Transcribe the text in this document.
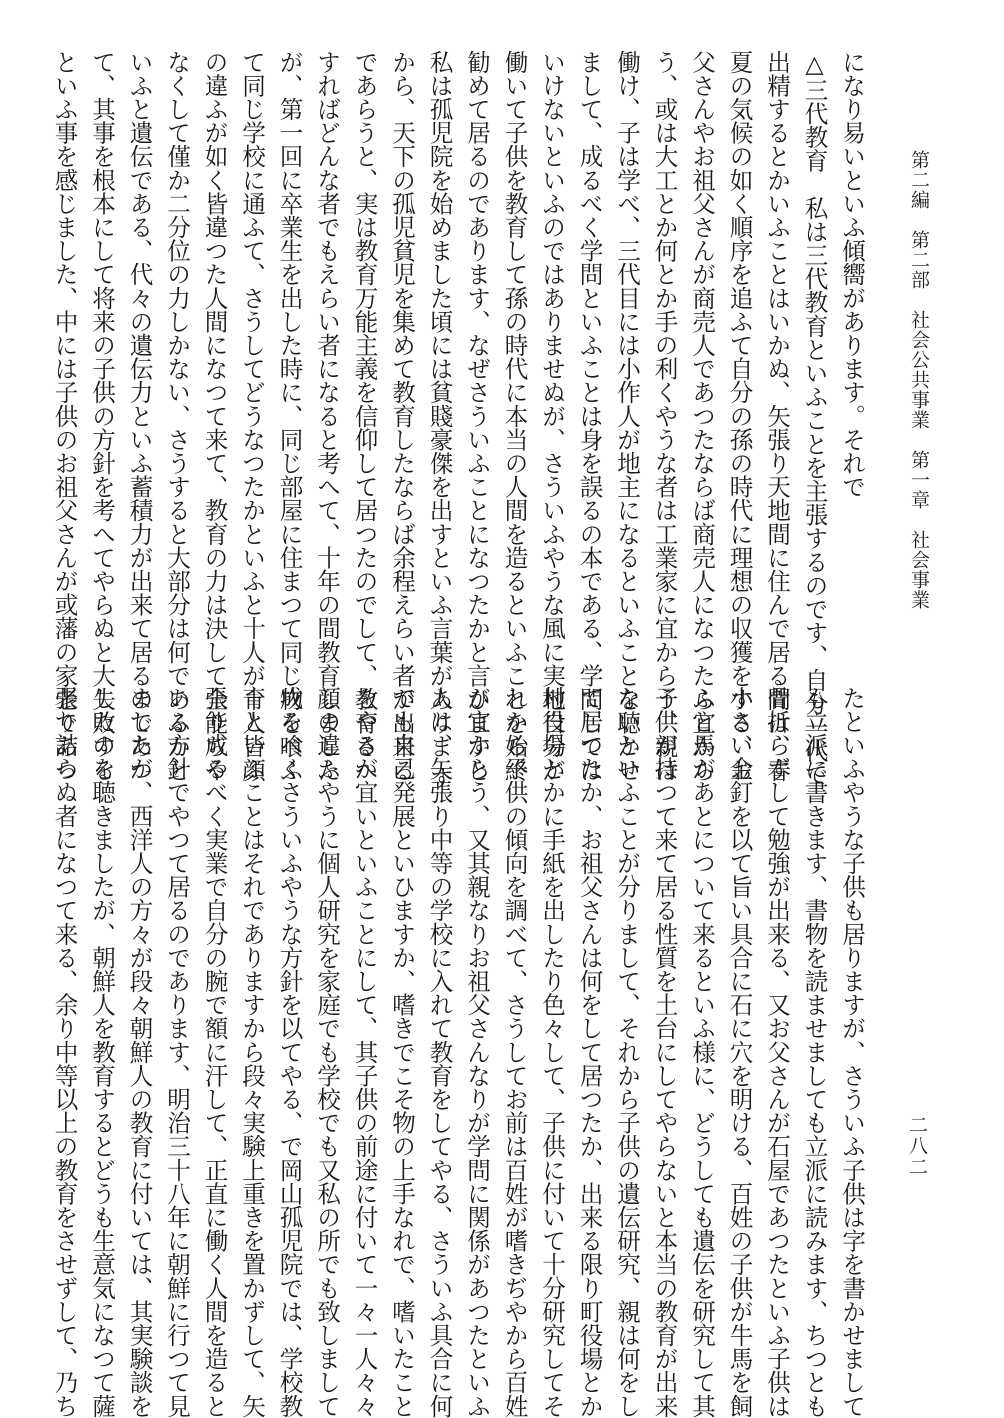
第二編　第二部　社会公共事業　第一章　社会事業
二八二
になり易いといふ傾嚮があります。それで
△三代教育　私は三代教育といふことを主張するのです、自分一代で
出精するとかいふことはいかぬ、矢張り天地間に住んで居る間は、春
夏の気候の如く順序を追ふて自分の孫の時代に理想の収獲をする、お
父さんやお祖父さんが商売人であつたならば商売人になつたら宜から
う、或は大工とか何とか手の利くやうな者は工業家に宜からう、親は
働け、子は学べ、三代目には小作人が地主になるといふことを聴かせ
まして、成るべく学問といふことは身を誤るの本である、学問しては
いけないといふのではありませぬが、さういふやうな風に実地自分が
働いて子供を教育して孫の時代に本当の人間を造るといふことを始終
勧めて居るのであります、なぜさういふことになつたかと言ひますと
私は孤児院を始めました頃には貧賤豪傑を出すといふ言葉がありま す
から、天下の孤児貧児を集めて教育したならば余程えらい者が出来る
であらうと、実は教育万能主義を信仰して居つたのでして、教育さへ
すればどんな者でもえらい者になると考へて、十年の間教育しました
が、第一回に卒業生を出した時に、同じ部屋に住まつて同じ物を喰ふ
て同じ学校に通ふて、さうしてどうなつたかといふと十人が十人皆顔
の違ふが如く皆違つた人間になつて来て、教育の力は決して全能ぢや
なくして僅か二分位の力しかない、さうすると大部分は何であるかと
いふと遺伝である、代々の遺伝力といふ蓄積力が出来て居るのであつ
て、其事を根本にして将来の子供の方針を考へてやらぬと大失敗する
といふ事を感じました、中には子供のお祖父さんが或藩の家老であつ
たといふやうな子供も居りますが、さういふ子供は字を書かせまして
も立派に書きます、書物を読ませましても立派に読みます、ちつとも
骨折らずして勉強が出来る、又お父さんが石屋であつたといふ子供は
小さい金釘を以て旨い具合に石に穴を明ける、百姓の子供が牛馬を飼
ふと馬があとについて来るといふ様に、どうしても遺伝を研究して其
子供が持つて来て居る性質を土台にしてやらないと本当の教育が出来
ないといふことが分りまして、それから子供の遺伝研究、親は何をし
て居つたか、お祖父さんは何をして居つたか、出来る限り町役場とか
村役場とかに手紙を出したり色々して、子供に付いて十分研究してそ
れから子供の傾向を調べて、さうしてお前は百姓が嗜きぢやから百姓
が宜からう、又其親なりお祖父さんなりが学問に関係があつたといふ
人は、矢張り中等の学校に入れて教育をしてやる、さういふ具合に何
でも自己発展といひますか、嗜きでこそ物の上手なれで、嗜いたこと
をやるが宜いといふことにして、其子供の前途に付いて一々一人々々
顔の違ふやうに個人研究を家庭でも学校でも又私の所でも致しまして
成るべくさういふやうな方針を以てやる、で岡山孤児院では、学校教
育といふことはそれでありますから段々実験上重きを置かずして、矢
張り成るべく実業で自分の腕で額に汗して、正直に働く人間を造ると
いふ方針でやつて居るのであります、明治三十八年に朝鮮に行つて見
ましたが、西洋人の方々が段々朝鮮人の教育に付いては、其実験談を
したのを聴きましたが、朝鮮人を教育するとどうも生意気になつて薩
張り詰らぬ者になつて来る、余り中等以上の教育をさせずして、乃ち
